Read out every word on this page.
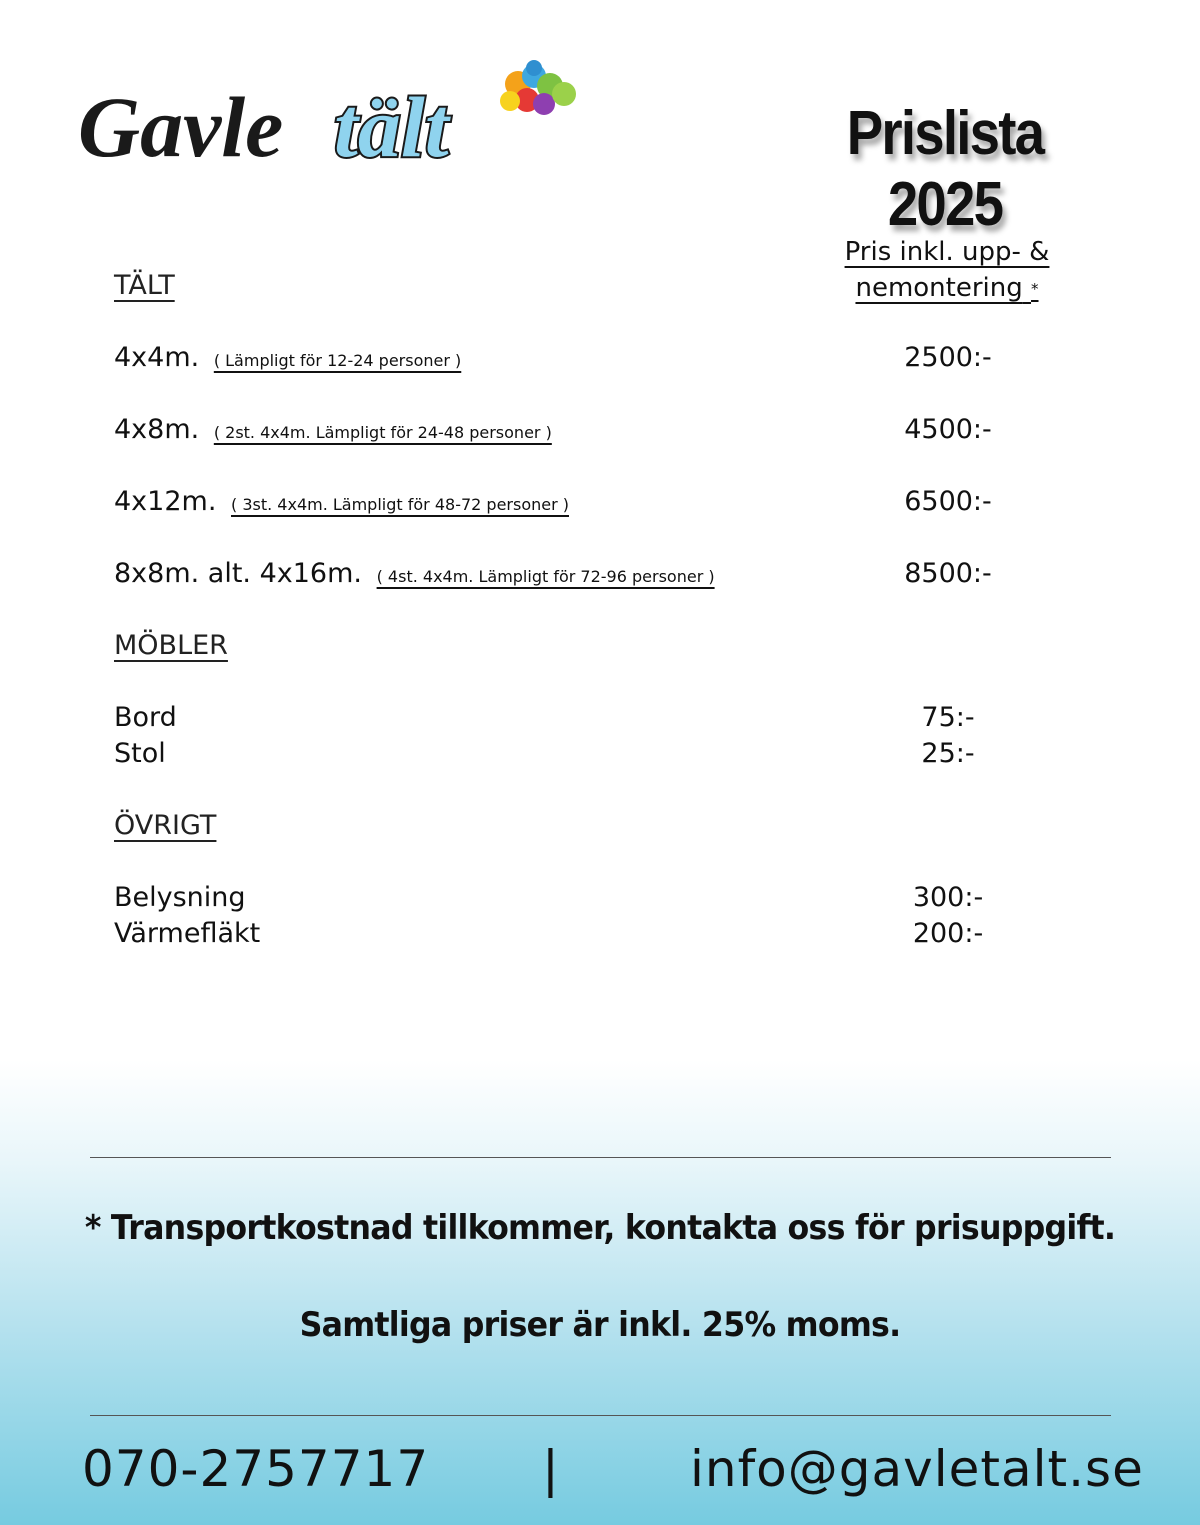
Gavle tält	Prislista 2025
Pris inkl. upp- &
nemontering *
TÄLT
4x4m. ( Lämpligt för 12-24 personer )	2500:-
4x8m. ( 2st. 4x4m. Lämpligt för 24-48 personer )	4500:-
4x12m. ( 3st. 4x4m. Lämpligt för 48-72 personer )	6500:-
8x8m. alt. 4x16m. ( 4st. 4x4m. Lämpligt för 72-96 personer )	8500:-
MÖBLER
Bord	75:-
Stol	25:-
ÖVRIGT
Belysning	300:-
Värmefläkt	200:-
* Transportkostnad tillkommer, kontakta oss för prisuppgift.
Samtliga priser är inkl. 25% moms.
070-2757717 |	info@gavletalt.se
